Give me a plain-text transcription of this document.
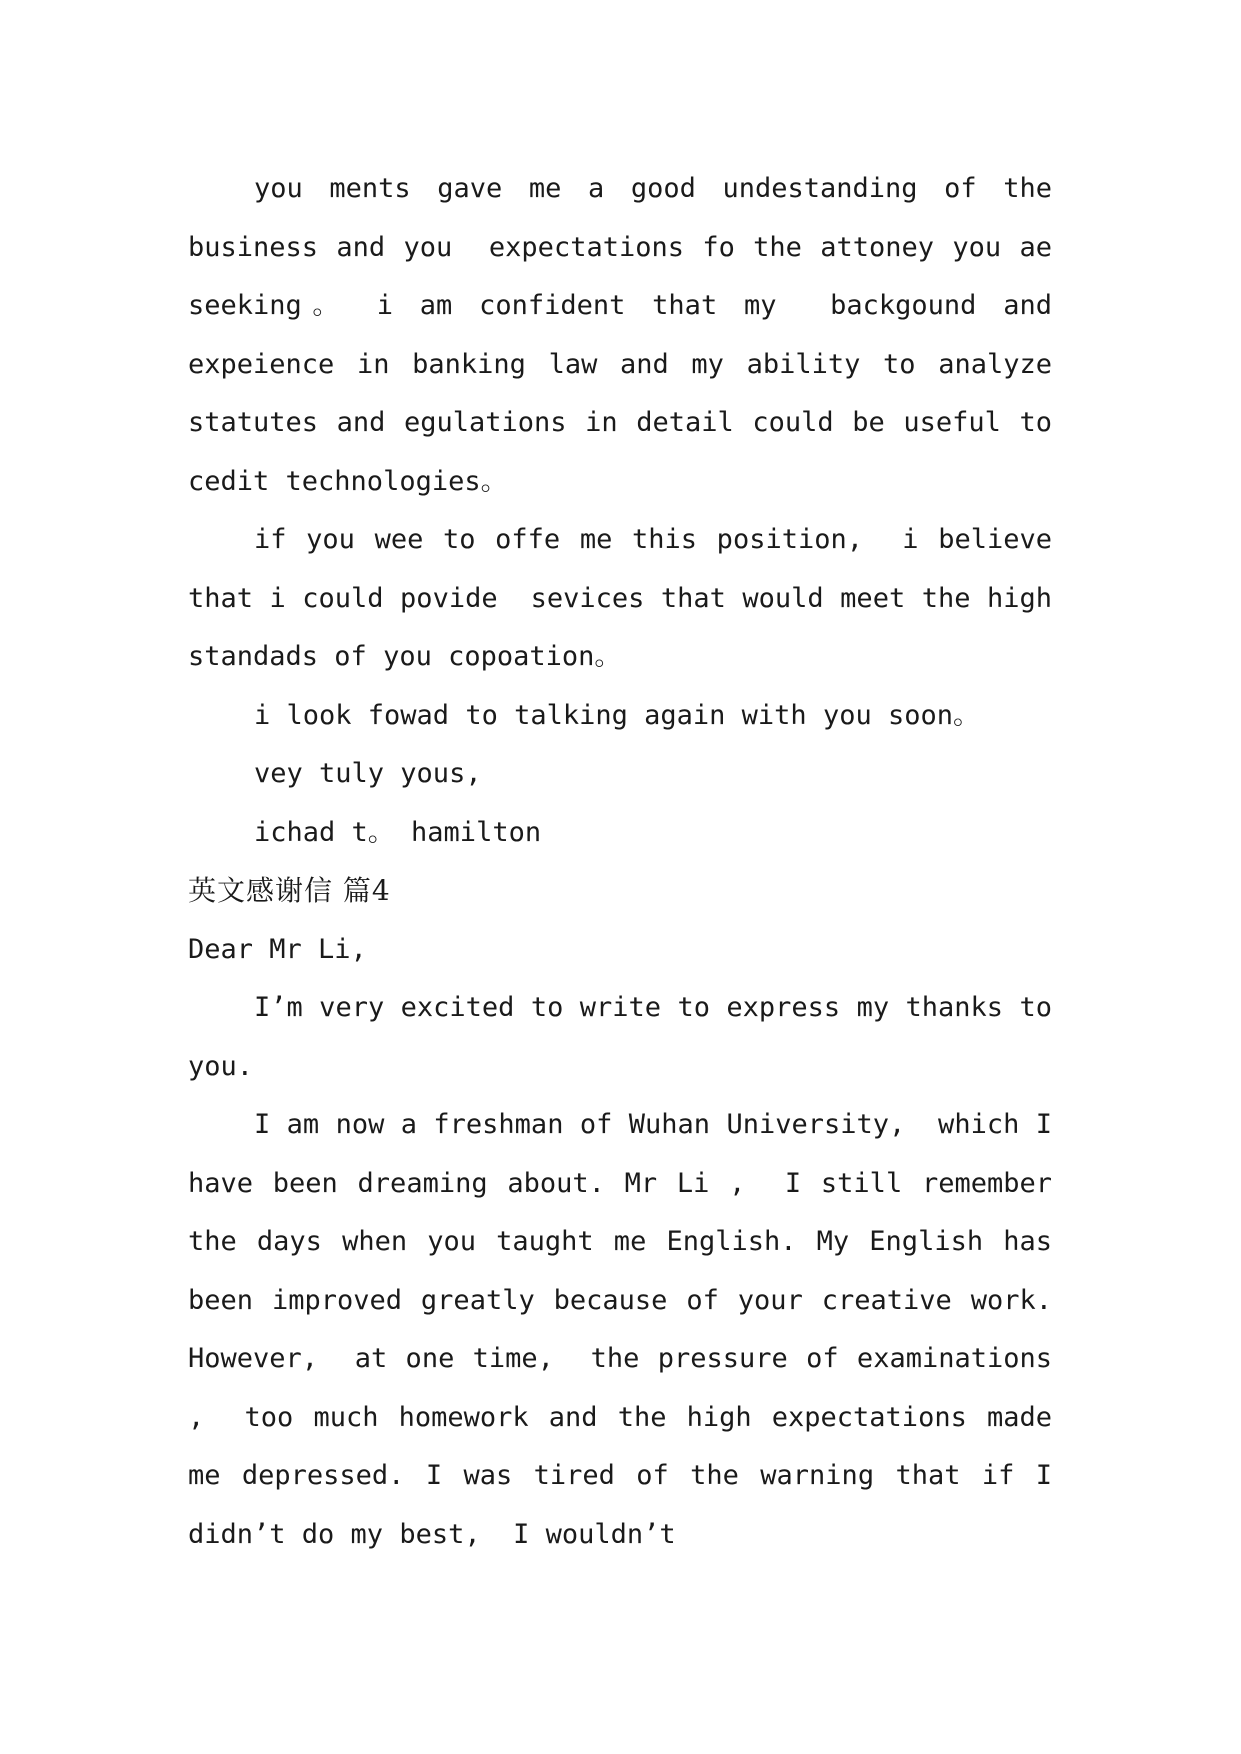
you ments gave me a good undestanding of the business and you  expectations fo the attoney you ae seeking。 i am confident that my  backgound and expeience in banking law and my ability to analyze statutes and egulations in detail could be useful to cedit technologies。

if you wee to offe me this position,  i believe that i could povide  sevices that would meet the high standads of you copoation。

i look fowad to talking again with you soon。

vey tuly yous,

ichad t。 hamilton

英文感谢信 篇4

Dear Mr Li,

I’m very excited to write to express my thanks to you.

I am now a freshman of Wuhan University,  which I have been dreaming about. Mr Li ,  I still remember the days when you taught me English. My English has been improved greatly because of your creative work. However,  at one time,  the pressure of examinations ,  too much homework and the high expectations made me depressed. I was tired of the warning that if I didn’t do my best,  I wouldn’t
